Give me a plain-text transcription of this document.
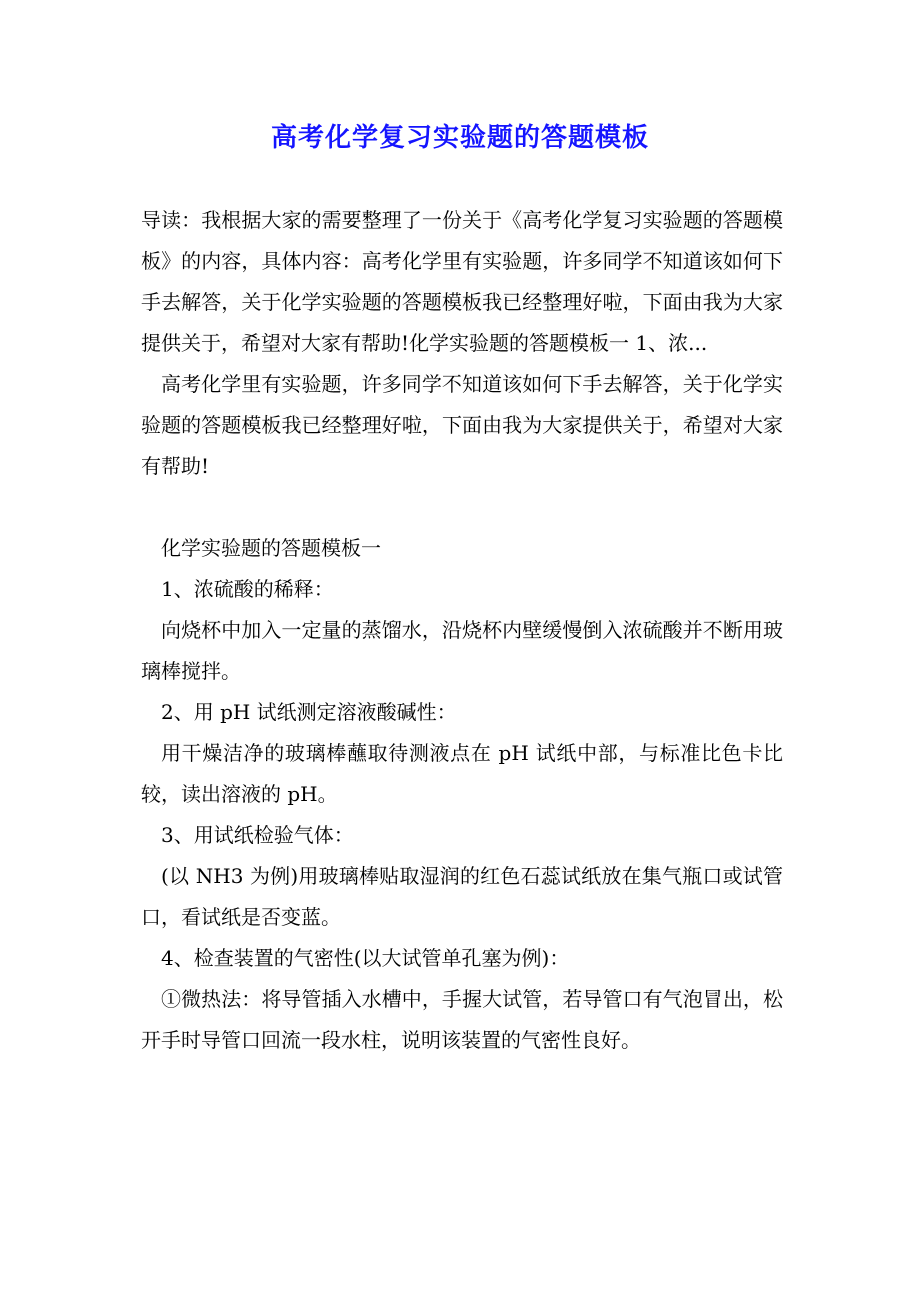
高考化学复习实验题的答题模板

导读：我根据大家的需要整理了一份关于《高考化学复习实验题的答题模板》的内容，具体内容：高考化学里有实验题，许多同学不知道该如何下手去解答，关于化学实验题的答题模板我已经整理好啦，下面由我为大家提供关于，希望对大家有帮助!化学实验题的答题模板一 1、浓...

高考化学里有实验题，许多同学不知道该如何下手去解答，关于化学实验题的答题模板我已经整理好啦，下面由我为大家提供关于，希望对大家有帮助!

化学实验题的答题模板一

1、浓硫酸的稀释：

向烧杯中加入一定量的蒸馏水，沿烧杯内壁缓慢倒入浓硫酸并不断用玻璃棒搅拌。

2、用 pH 试纸测定溶液酸碱性：

用干燥洁净的玻璃棒蘸取待测液点在 pH 试纸中部，与标准比色卡比较，读出溶液的 pH。

3、用试纸检验气体：

(以 NH3 为例)用玻璃棒贴取湿润的红色石蕊试纸放在集气瓶口或试管口，看试纸是否变蓝。

4、检查装置的气密性(以大试管单孔塞为例)：

①微热法：将导管插入水槽中，手握大试管，若导管口有气泡冒出，松开手时导管口回流一段水柱，说明该装置的气密性良好。
